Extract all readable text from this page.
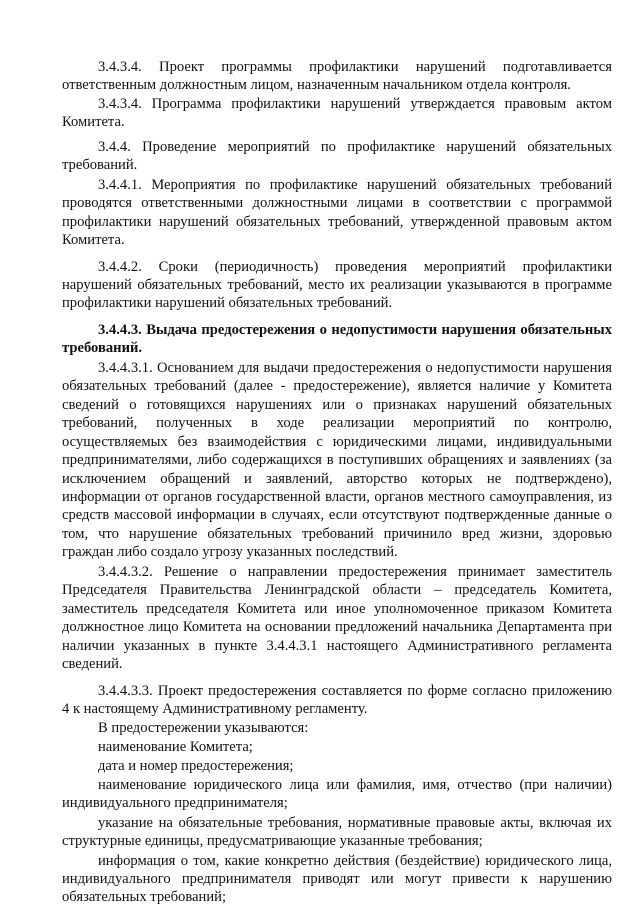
3.4.3.4. Проект программы профилактики нарушений подготавливается ответственным должностным лицом, назначенным начальником отдела контроля.

3.4.3.4. Программа профилактики нарушений утверждается правовым актом Комитета.

3.4.4. Проведение мероприятий по профилактике нарушений обязательных требований.

3.4.4.1. Мероприятия по профилактике нарушений обязательных требований проводятся ответственными должностными лицами в соответствии с программой профилактики нарушений обязательных требований, утвержденной правовым актом Комитета.

3.4.4.2. Сроки (периодичность) проведения мероприятий профилактики нарушений обязательных требований, место их реализации указываются в программе профилактики нарушений обязательных требований.

3.4.4.3. Выдача предостережения о недопустимости нарушения обязательных требований.

3.4.4.3.1. Основанием для выдачи предостережения о недопустимости нарушения обязательных требований (далее - предостережение), является наличие у Комитета сведений о готовящихся нарушениях или о признаках нарушений обязательных требований, полученных в ходе реализации мероприятий по контролю, осуществляемых без взаимодействия с юридическими лицами, индивидуальными предпринимателями, либо содержащихся в поступивших обращениях и заявлениях (за исключением обращений и заявлений, авторство которых не подтверждено), информации от органов государственной власти, органов местного самоуправления, из средств массовой информации в случаях, если отсутствуют подтвержденные данные о том, что нарушение обязательных требований причинило вред жизни, здоровью граждан либо создало угрозу указанных последствий.

3.4.4.3.2. Решение о направлении предостережения принимает заместитель Председателя Правительства Ленинградской области – председатель Комитета, заместитель председателя Комитета или иное уполномоченное приказом Комитета должностное лицо Комитета на основании предложений начальника Департамента при наличии указанных в пункте 3.4.4.3.1 настоящего Административного регламента сведений.

3.4.4.3.3. Проект предостережения составляется по форме согласно приложению 4 к настоящему Административному регламенту.

В предостережении указываются:

наименование Комитета;

дата и номер предостережения;

наименование юридического лица или фамилия, имя, отчество (при наличии) индивидуального предпринимателя;

указание на обязательные требования, нормативные правовые акты, включая их структурные единицы, предусматривающие указанные требования;

информация о том, какие конкретно действия (бездействие) юридического лица, индивидуального предпринимателя приводят или могут привести к нарушению обязательных требований;
